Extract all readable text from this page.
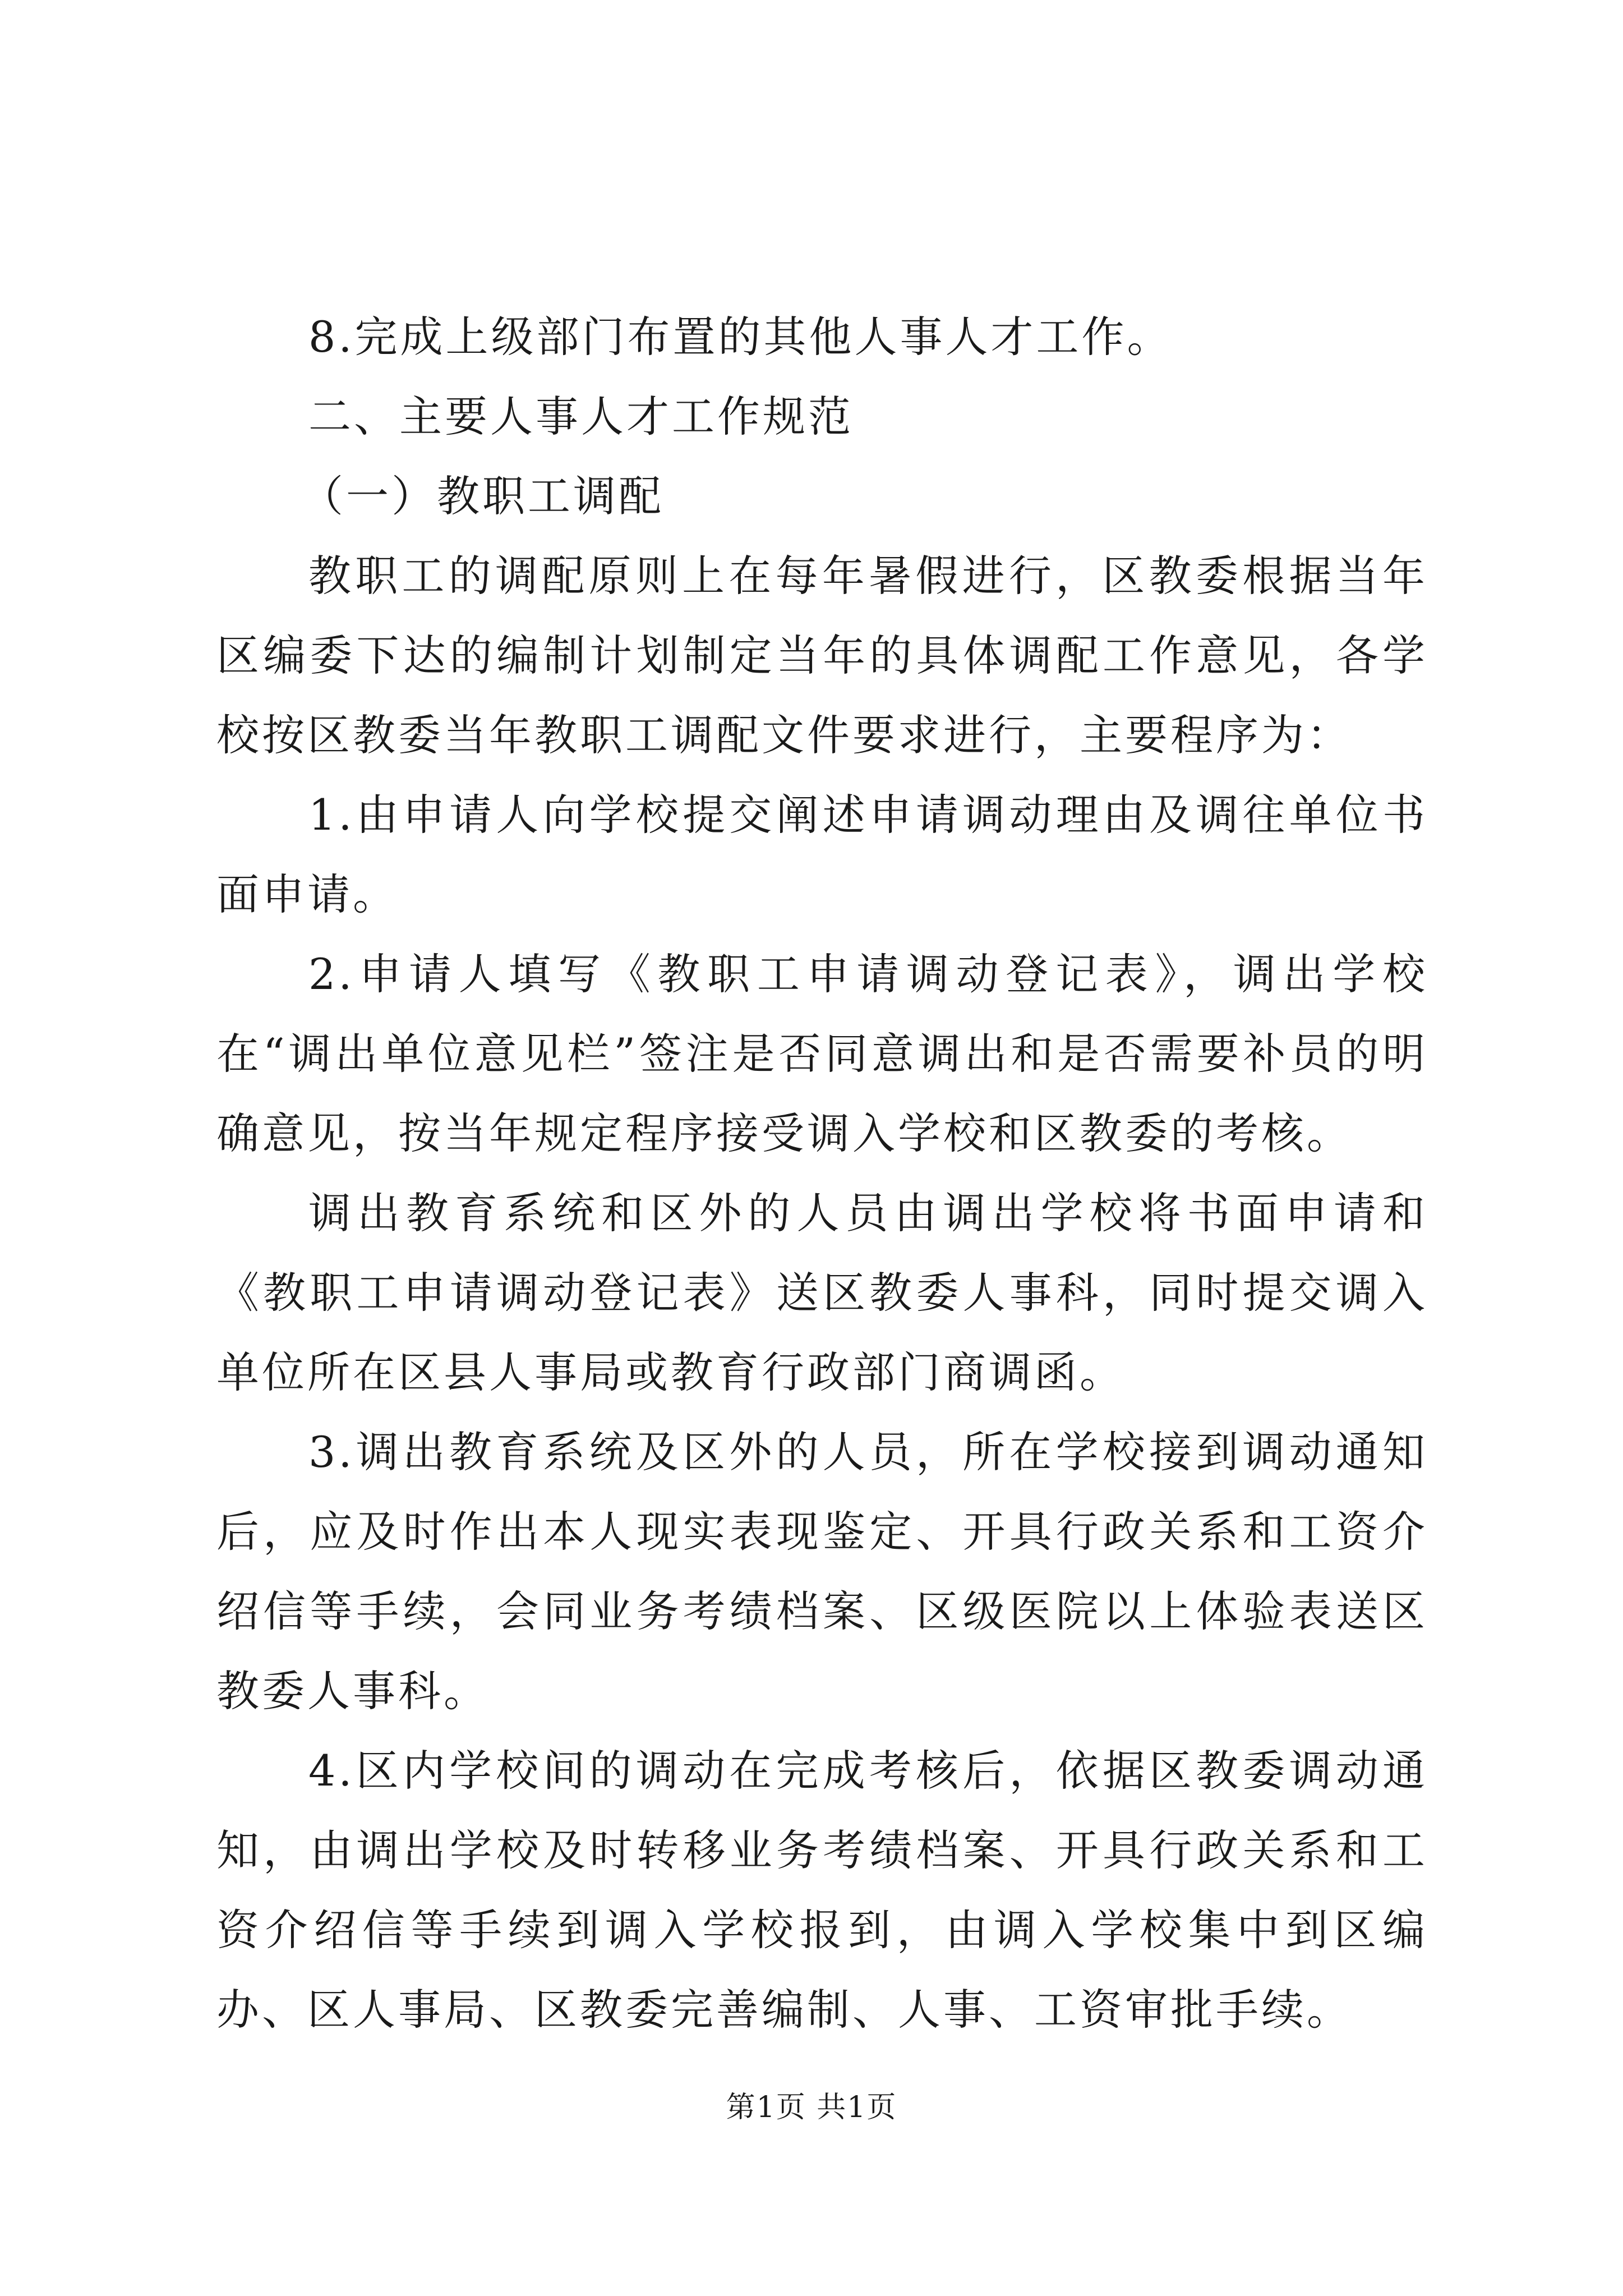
8.完成上级部门布置的其他人事人才工作。

二、主要人事人才工作规范

（一）教职工调配

教职工的调配原则上在每年暑假进行，区教委根据当年区编委下达的编制计划制定当年的具体调配工作意见，各学校按区教委当年教职工调配文件要求进行，主要程序为：

1.由申请人向学校提交阐述申请调动理由及调往单位书面申请。

2.申请人填写《教职工申请调动登记表》，调出学校在“调出单位意见栏”签注是否同意调出和是否需要补员的明确意见，按当年规定程序接受调入学校和区教委的考核。

调出教育系统和区外的人员由调出学校将书面申请和《教职工申请调动登记表》送区教委人事科，同时提交调入单位所在区县人事局或教育行政部门商调函。

3.调出教育系统及区外的人员，所在学校接到调动通知后，应及时作出本人现实表现鉴定、开具行政关系和工资介绍信等手续，会同业务考绩档案、区级医院以上体验表送区教委人事科。

4.区内学校间的调动在完成考核后，依据区教委调动通知，由调出学校及时转移业务考绩档案、开具行政关系和工资介绍信等手续到调入学校报到，由调入学校集中到区编办、区人事局、区教委完善编制、人事、工资审批手续。

第1页 共1页
